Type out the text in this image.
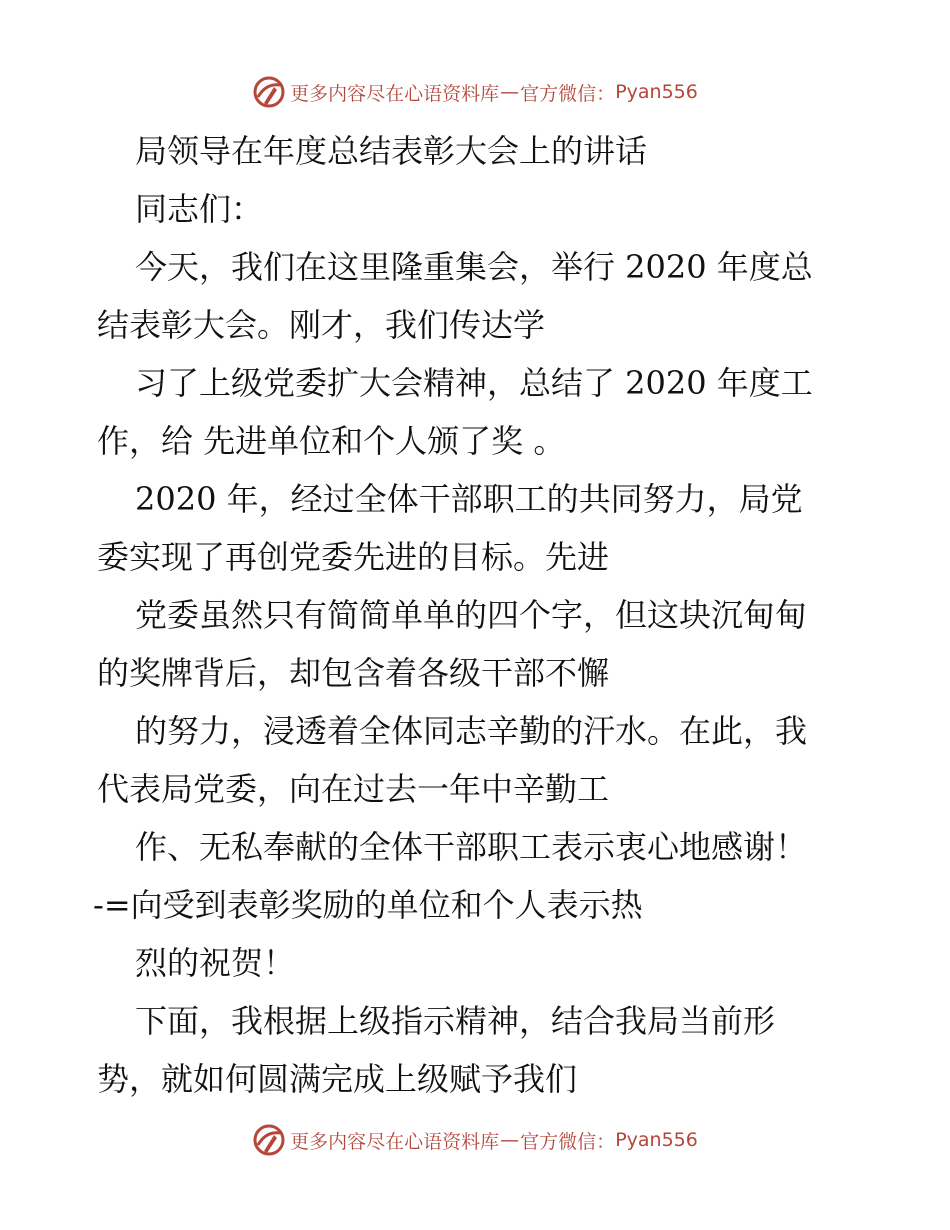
更多内容尽在心语资料库 — 官方微信： Pyan556
局领导在年度总结表彰大会上的讲话
同志们：
今天，我们在这里隆重集会，举行 2020 年度总
结表彰大会。刚才，我们传达学
习了上级党委扩大会精神，总结了 2020 年度工
作，给 先进单位和个人颁了奖 。
2020 年，经过全体干部职工的共同努力，局党
委实现了再创党委先进的目标。先进
党委虽然只有简简单单的四个字，但这块沉甸甸
的奖牌背后，却包含着各级干部不懈
的努力，浸透着全体同志辛勤的汗水。在此，我
代表局党委，向在过去一年中辛勤工
作、无私奉献的全体干部职工表示衷心地感谢！
-=向受到表彰奖励的单位和个人表示热
烈的祝贺！
下面，我根据上级指示精神，结合我局当前形
势，就如何圆满完成上级赋予我们
更多内容尽在心语资料库 — 官方微信： Pyan556
